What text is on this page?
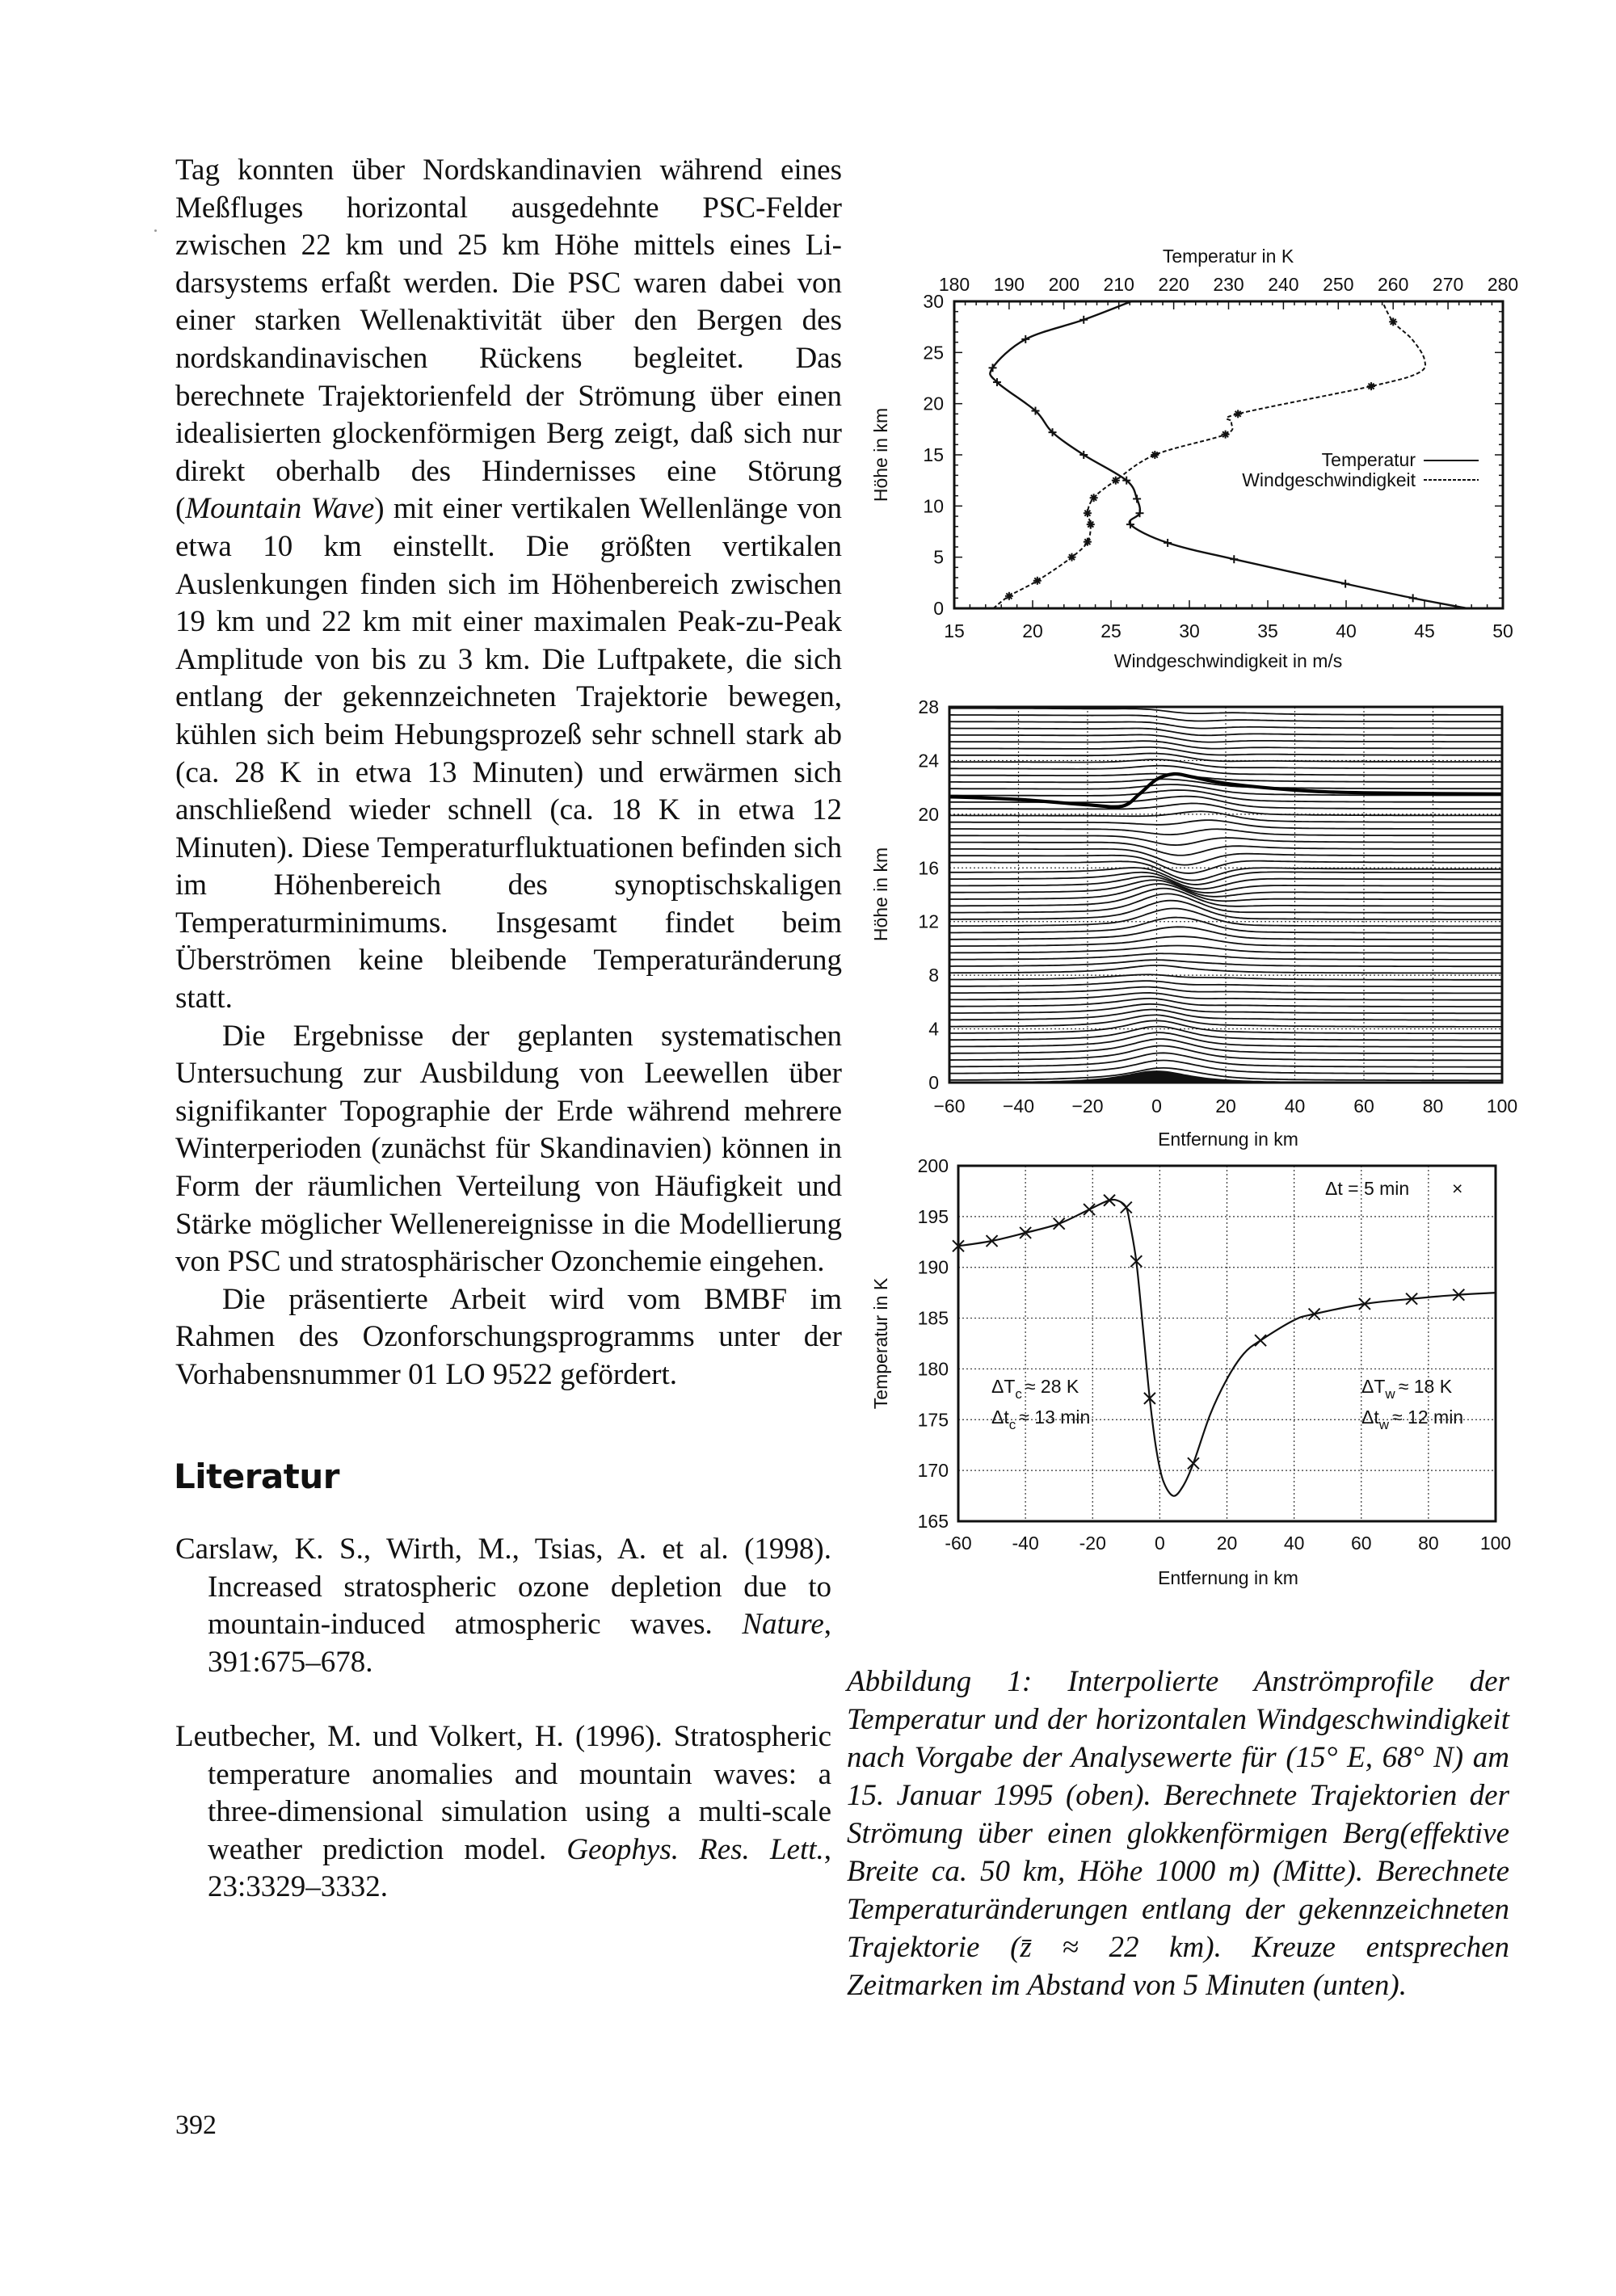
Tag konnten über Nordskandinavien während eines Meßfluges horizontal ausgedehnte PSC-Felder zwischen 22 km und 25 km Höhe mittels eines Lidarsystems erfaßt werden. Die PSC waren dabei von einer starken Wellenaktivität über den Bergen des nordskandinavischen Rückens begleitet. Das berechnete Trajektorienfeld der Strömung über einen idealisierten glockenförmigen Berg zeigt, daß sich nur direkt oberhalb des Hindernisses eine Störung (Mountain Wave) mit einer vertikalen Wellenlänge von etwa 10 km einstellt. Die größten vertikalen Auslenkungen finden sich im Höhenbereich zwischen 19 km und 22 km mit einer maximalen Peak-zu-Peak Amplitude von bis zu 3 km. Die Luftpakete, die sich entlang der gekennzeichneten Trajektorie bewegen, kühlen sich beim Hebungsprozeß sehr schnell stark ab (ca. 28 K in etwa 13 Minuten) und erwärmen sich anschließend wieder schnell (ca. 18 K in etwa 12 Minuten). Diese Temperaturfluktuationen befinden sich im Höhenbereich des synoptischskaligen Temperaturminimums. Insgesamt findet beim Überströmen keine bleibende Temperaturänderung statt.

Die Ergebnisse der geplanten systematischen Untersuchung zur Ausbildung von Leewellen über signifikanter Topographie der Erde während mehrere Winterperioden (zunächst für Skandinavien) können in Form der räumlichen Verteilung von Häufigkeit und Stärke möglicher Wellenereignisse in die Modellierung von PSC und stratosphärischer Ozonchemie eingehen.

Die präsentierte Arbeit wird vom BMBF im Rahmen des Ozonforschungsprogramms unter der Vorhabensnummer 01 LO 9522 gefördert.

Literatur
Carslaw, K. S., Wirth, M., Tsias, A. et al. (1998). Increased stratospheric ozone depletion due to mountain-induced atmospheric waves. Nature, 391:675–678.
Leutbecher, M. und Volkert, H. (1996). Stratospheric temperature anomalies and mountain waves: a three-dimensional simulation using a multi-scale weather prediction model. Geophys. Res. Lett., 23:3329–3332.
Abbildung 1: Interpolierte Anströmprofile der Temperatur und der horizontalen Windgeschwindigkeit nach Vorgabe der Analysewerte für (15° E, 68° N) am 15. Januar 1995 (oben). Berechnete Trajektorien der Strömung über einen glokkenförmigen Berg(effektive Breite ca. 50 km, Höhe 1000 m) (Mitte). Berechnete Temperaturänderungen entlang der gekennzeichneten Trajektorie (z̄ ≈ 22 km). Kreuze entsprechen Zeitmarken im Abstand von 5 Minuten (unten).
392
Temperatur in K
180 190 200 210 220 230 240 250 260 270 280
0
5
10
15
20
25
30
15	20	25	30	35	40	45	50
Temperatur
Windgeschwindigkeit
Windgeschwindigkeit in m/s
Höhe in km
0
4
8
12
16
20
24
28
−60 −40 −20	0	20	40	60	80 100
Entfernung in km
Höhe in km
165
170
175
180
185
190
195
200
-60 -40 -20	0	20	40	60	80 100
Δt = 5 min ×
$\Delta T_c \approx 28$ K
$\Delta t_c \approx 13$ min
$\Delta T_w \approx 18$ K
$\Delta t_w \approx 12$ min
Entfernung in km
Temperatur in K
